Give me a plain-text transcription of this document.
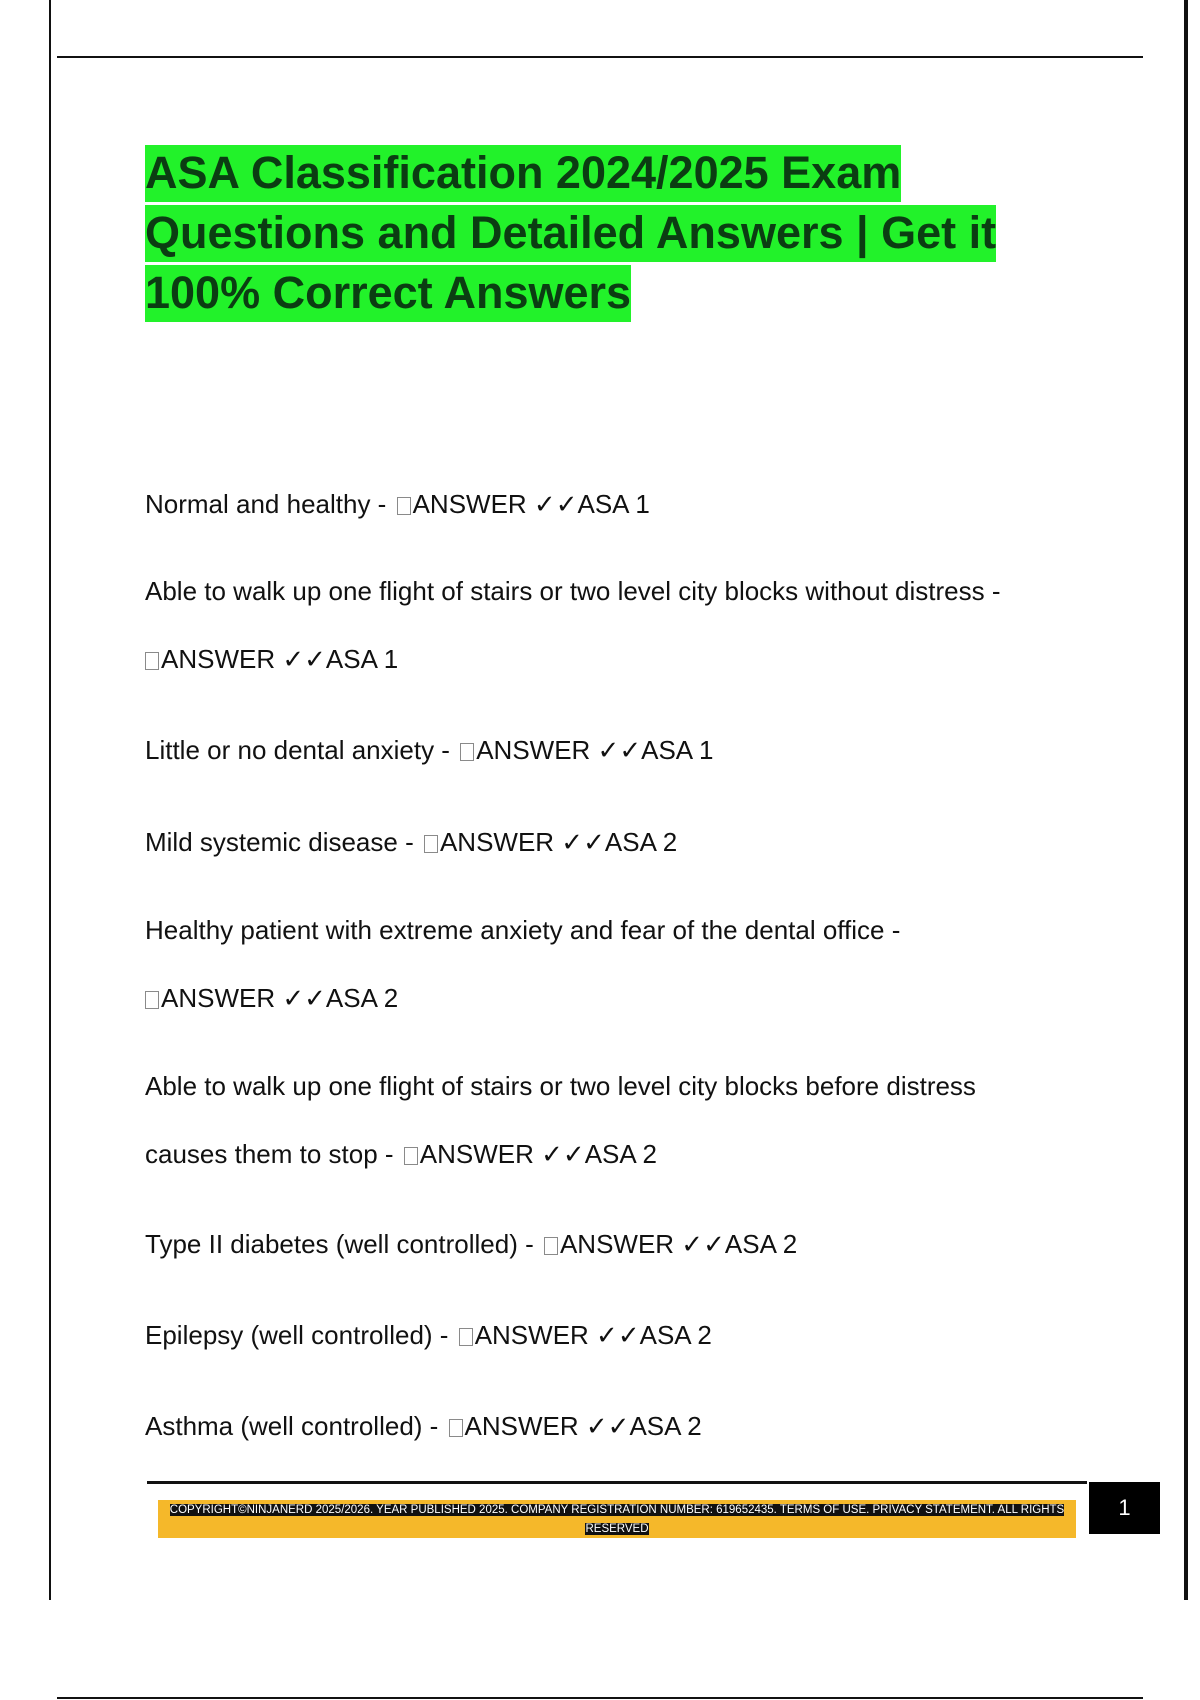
ASA Classification 2024/2025 Exam
Questions and Detailed Answers | Get it
100% Correct Answers
Normal and healthy - ANSWER ✓✓ASA 1
Able to walk up one flight of stairs or two level city blocks without distress -
ANSWER ✓✓ASA 1
Little or no dental anxiety - ANSWER ✓✓ASA 1
Mild systemic disease - ANSWER ✓✓ASA 2
Healthy patient with extreme anxiety and fear of the dental office -
ANSWER ✓✓ASA 2
Able to walk up one flight of stairs or two level city blocks before distress
causes them to stop - ANSWER ✓✓ASA 2
Type II diabetes (well controlled) - ANSWER ✓✓ASA 2
Epilepsy (well controlled) - ANSWER ✓✓ASA 2
Asthma (well controlled) - ANSWER ✓✓ASA 2
COPYRIGHT©NINJANERD 2025/2026. YEAR PUBLISHED 2025. COMPANY REGISTRATION NUMBER: 619652435. TERMS OF USE. PRIVACY STATEMENT. ALL RIGHTS RESERVED
1
